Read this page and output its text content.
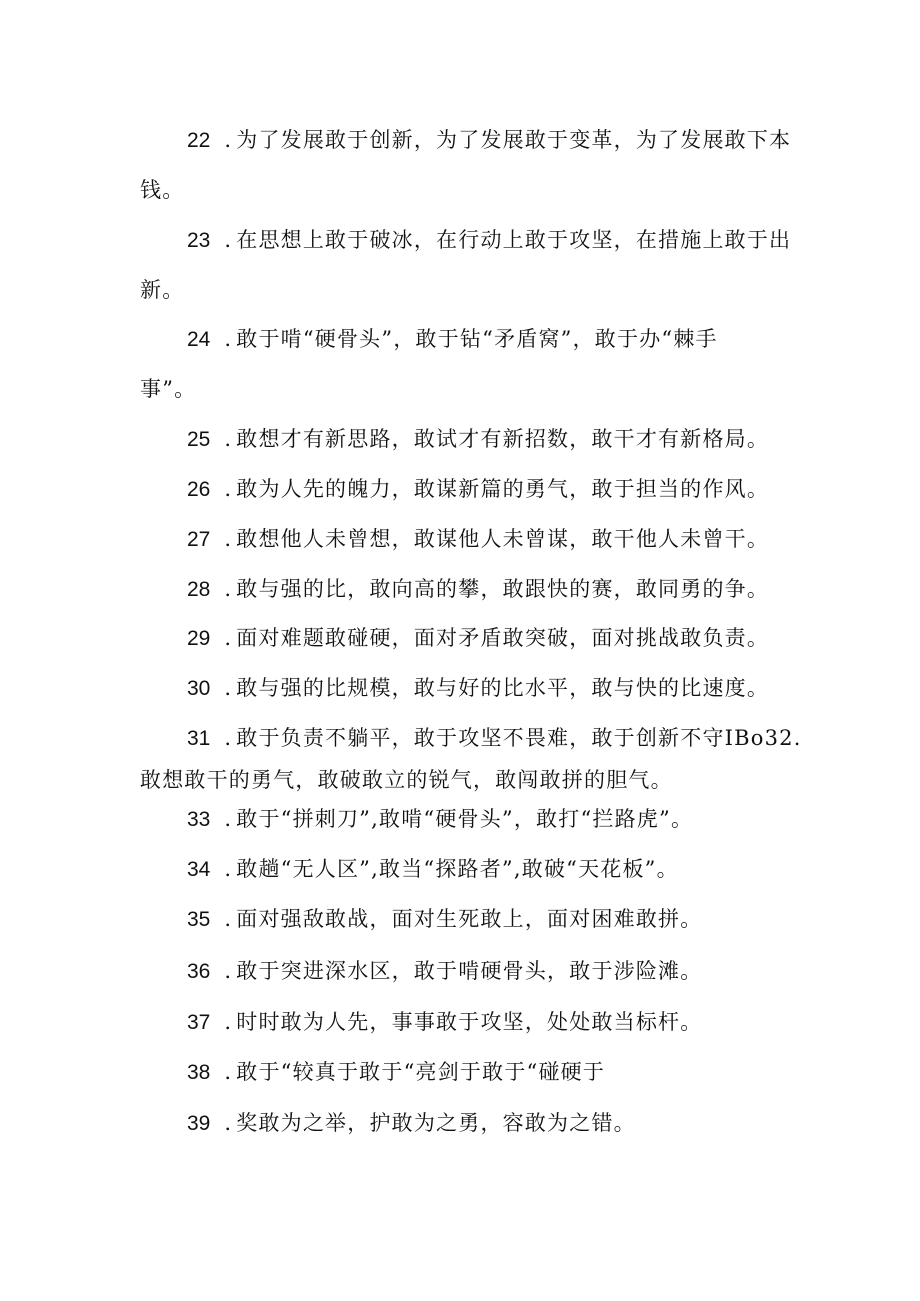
22 . 为了发展敢于创新，为了发展敢于变革，为了发展敢下本
钱。
23 . 在思想上敢于破冰，在行动上敢于攻坚，在措施上敢于出
新。
24 . 敢于啃“硬骨头”，敢于钻“矛盾窝”，敢于办“棘手
事”。
25 . 敢想才有新思路，敢试才有新招数，敢干才有新格局。
26 . 敢为人先的魄力，敢谋新篇的勇气，敢于担当的作风。
27 . 敢想他人未曾想，敢谋他人未曾谋，敢干他人未曾干。
28 . 敢与强的比，敢向高的攀，敢跟快的赛，敢同勇的争。
29 . 面对难题敢碰硬，面对矛盾敢突破，面对挑战敢负责。
30 . 敢与强的比规模，敢与好的比水平，敢与快的比速度。
31 . 敢于负责不躺平，敢于攻坚不畏难，敢于创新不守IBo32.
敢想敢干的勇气，敢破敢立的锐气，敢闯敢拼的胆气。
33 . 敢于“拼刺刀”,敢啃“硬骨头”，敢打“拦路虎”。
34 . 敢趟“无人区”,敢当“探路者”,敢破“天花板”。
35 . 面对强敌敢战，面对生死敢上，面对困难敢拼。
36 . 敢于突进深水区，敢于啃硬骨头，敢于涉险滩。
37 . 时时敢为人先，事事敢于攻坚，处处敢当标杆。
38 . 敢于“较真于敢于“亮剑于敢于“碰硬于
39 . 奖敢为之举，护敢为之勇，容敢为之错。
